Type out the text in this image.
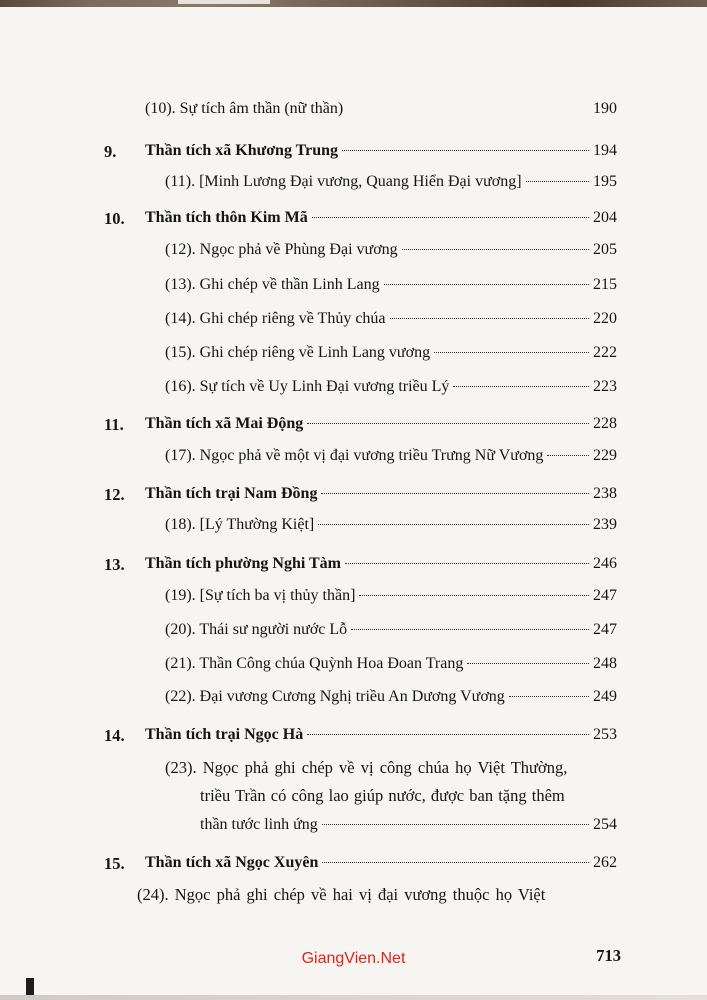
(10). Sự tích âm thần (nữ thần)	190
9. Thần tích xã Khương Trung	194
(11). [Minh Lương Đại vương, Quang Hiển Đại vương]	195
10. Thần tích thôn Kim Mã	204
(12). Ngọc phả về Phùng Đại vương	205
(13). Ghi chép về thần Linh Lang	215
(14). Ghi chép riêng về Thủy chúa	220
(15). Ghi chép riêng về Linh Lang vương	222
(16). Sự tích về Uy Linh Đại vương triều Lý	223
11. Thần tích xã Mai Động	228
(17). Ngọc phả về một vị đại vương triều Trưng Nữ Vương	229
12. Thần tích trại Nam Đồng	238
(18). [Lý Thường Kiệt]	239
13. Thần tích phường Nghi Tàm	246
(19). [Sự tích ba vị thủy thần]	247
(20). Thái sư người nước Lỗ	247
(21). Thần Công chúa Quỳnh Hoa Đoan Trang	248
(22). Đại vương Cương Nghị triều An Dương Vương	249
14. Thần tích trại Ngọc Hà	253
(23). Ngọc phả ghi chép về vị công chúa họ Việt Thường,
triều Trần có công lao giúp nước, được ban tặng thêm
thần tước linh ứng	254
15. Thần tích xã Ngọc Xuyên	262
(24). Ngọc phả ghi chép về hai vị đại vương thuộc họ Việt
GiangVien.Net	713
